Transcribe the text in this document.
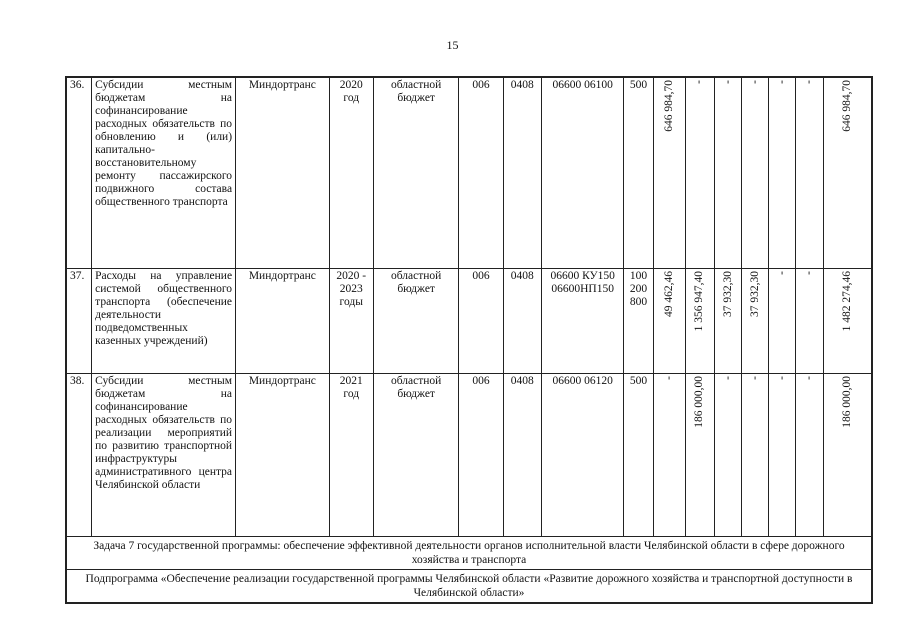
15
36.	Субсидии местным бюджетам на софинансирование расходных обязательств по обновлению и (или) капитально-восстановительному ремонту пассажирского подвижного состава общественного транспорта	Миндортранс	2020
год	областной
бюджет	006	0408	06600 06100	500	646 984,70	-	-	-	-	-	646 984,70

37.	Расходы на управление системой общественного транспорта (обеспечение деятельности подведомственных казенных учреждений)	Миндортранс	2020 -
2023
годы	областной
бюджет	006	0408	06600 КУ150
06600НП150	100
200
800	49 462,46	1 356 947,40	37 932,30	37 932,30	-	-	1 482 274,46

38.	Субсидии местным бюджетам на софинансирование расходных обязательств по реализации мероприятий по развитию транспортной инфраструктуры административного центра Челябинской области	Миндортранс	2021
год	областной
бюджет	006	0408	06600 06120	500	-	186 000,00	-	-	-	-	186 000,00

Задача 7 государственной программы: обеспечение эффективной деятельности органов исполнительной власти Челябинской области в сфере дорожного хозяйства и транспорта															
Подпрограмма «Обеспечение реализации государственной программы Челябинской области «Развитие дорожного хозяйства и транспортной доступности в Челябинской области»															
